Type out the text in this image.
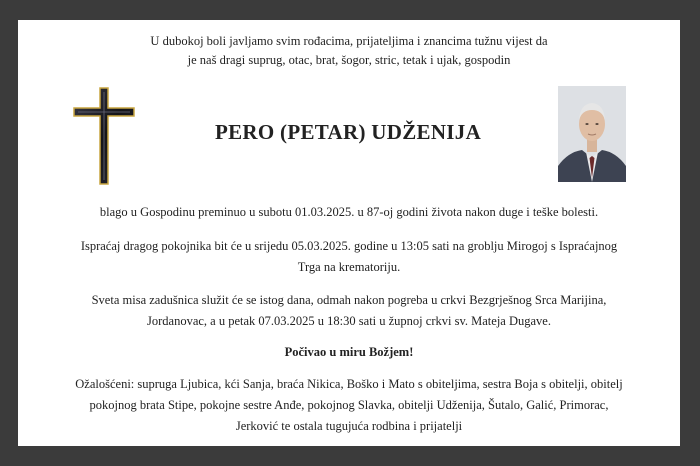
U dubokoj boli javljamo svim rođacima, prijateljima i znancima tužnu vijest da
je naš dragi suprug, otac, brat, šogor, stric, tetak i ujak, gospodin
PERO (PETAR) UDŽENIJA
blago u Gospodinu preminuo u subotu 01.03.2025. u 87-oj godini života nakon duge i teške bolesti.
Ispraćaj dragog pokojnika bit će u srijedu 05.03.2025. godine u 13:05 sati na groblju Mirogoj s Ispraćajnog
Trga na krematoriju.
Sveta misa zadušnica služit će se istog dana, odmah nakon pogreba u crkvi Bezgrješnog Srca Marijina,
Jordanovac, a u petak 07.03.2025 u 18:30 sati u župnoj crkvi sv. Mateja Dugave.
Počivao u miru Božjem!
Ožalošćeni: supruga Ljubica, kći Sanja, braća Nikica, Boško i Mato s obiteljima, sestra Boja s obitelji, obitelj
pokojnog brata Stipe, pokojne sestre Anđe, pokojnog Slavka, obitelji Udženija, Šutalo, Galić, Primorac,
Jerković te ostala tugujuća rodbina i prijatelji
